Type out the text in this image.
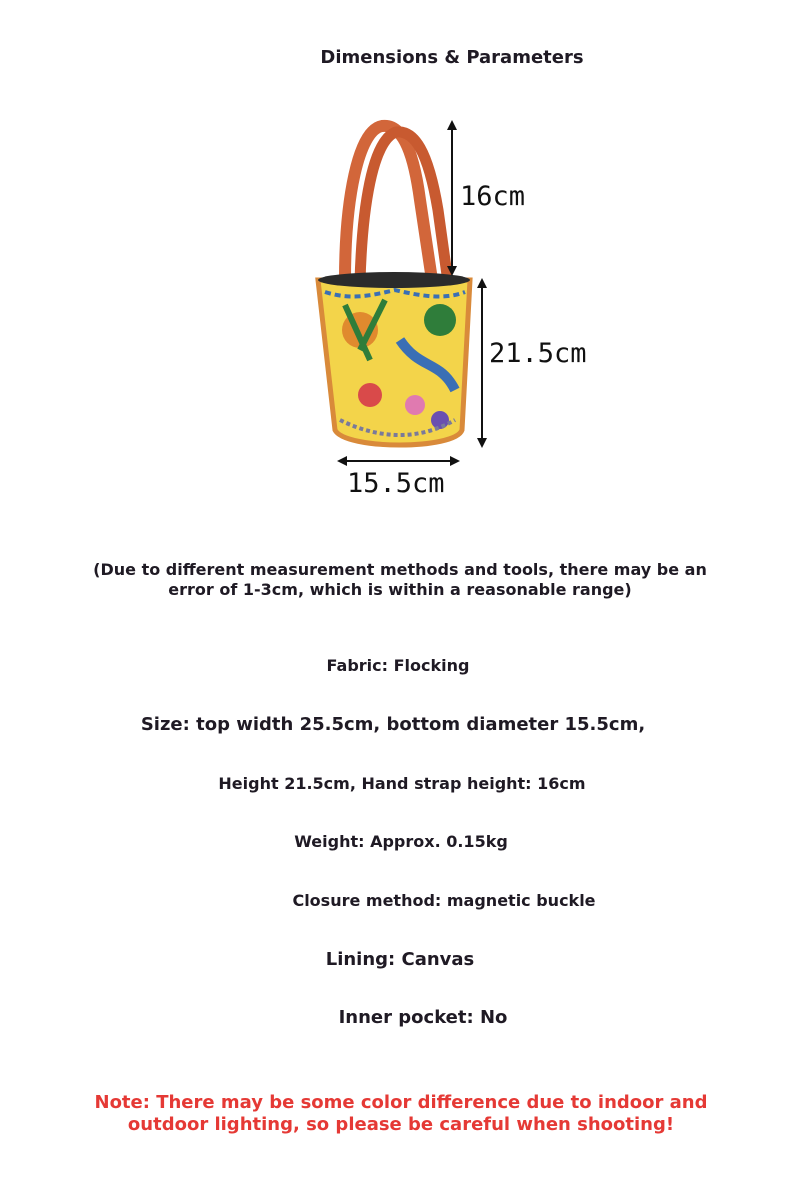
Dimensions & Parameters
16cm
21.5cm
15.5cm
(Due to different measurement methods and tools, there may be an error of 1-3cm, which is within a reasonable range)
Fabric: Flocking
Size: top width 25.5cm, bottom diameter 15.5cm,
Height 21.5cm, Hand strap height: 16cm
Weight: Approx. 0.15kg
Closure method: magnetic buckle
Lining: Canvas
Inner pocket: No
Note: There may be some color difference due to indoor and outdoor lighting, so please be careful when shooting!
